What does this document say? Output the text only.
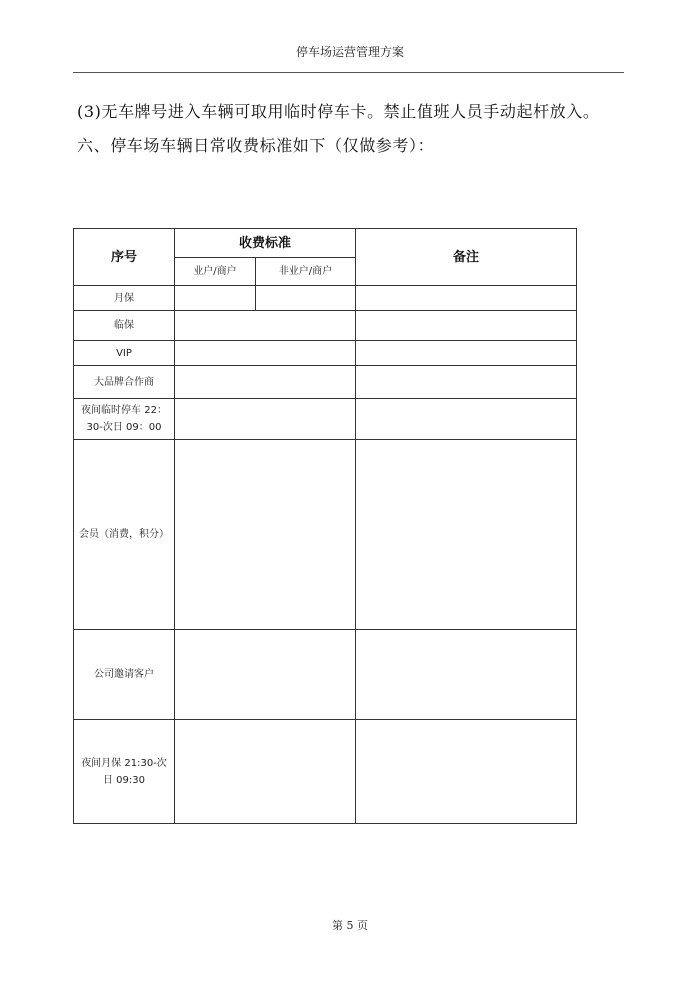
停车场运营管理方案
(3)无车牌号进入车辆可取用临时停车卡。禁止值班人员手动起杆放入。
六、停车场车辆日常收费标准如下（仅做参考）：
序号	收费标准		备注
	业户/商户	非业户/商户	
月保			
临保			
VIP			
大品牌合作商			
夜间临时停车 22：30-次日 09：00			
会员（消费，积分）			
公司邀请客户			
夜间月保 21:30-次日 09:30			
第 5 页
